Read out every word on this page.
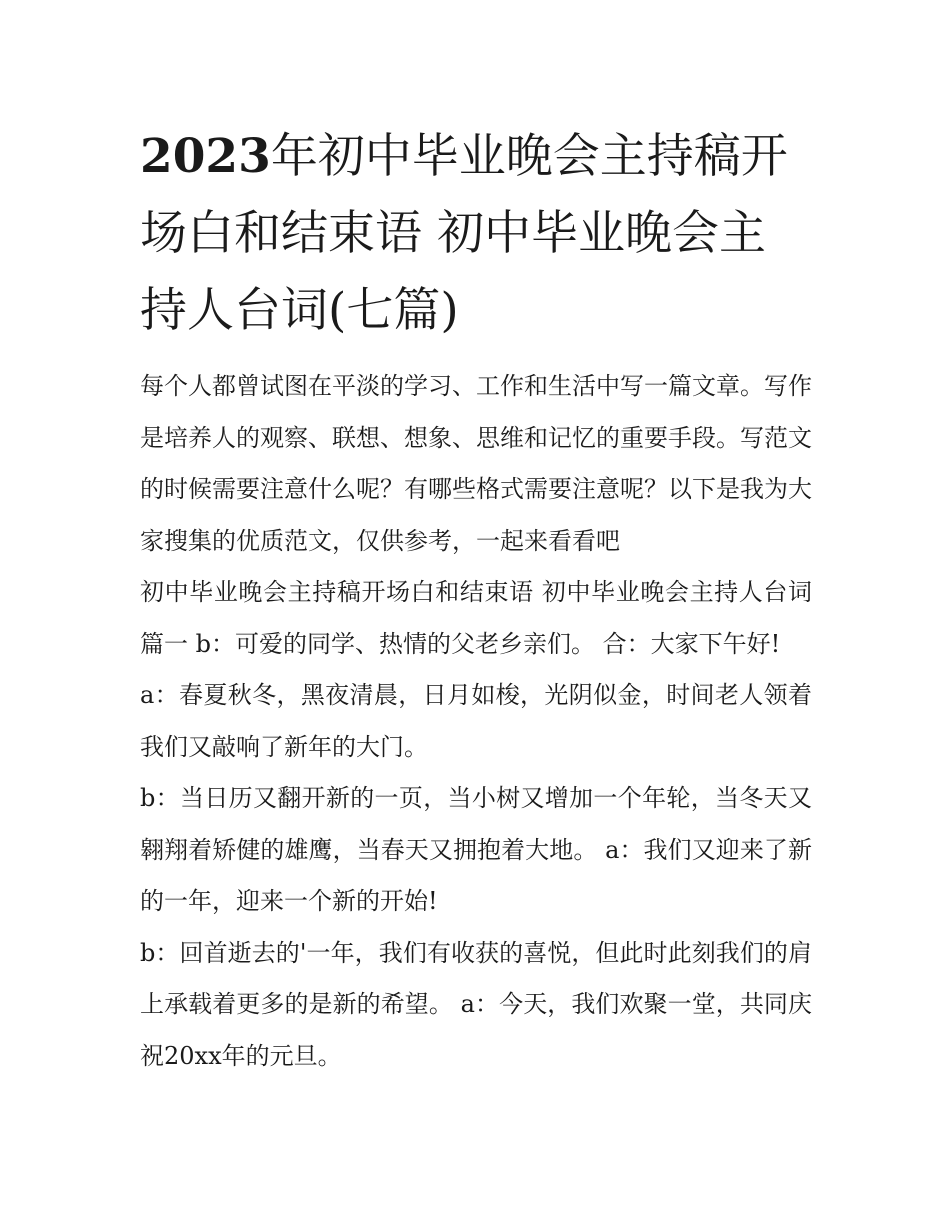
2023年初中毕业晚会主持稿开场白和结束语 初中毕业晚会主持人台词(七篇)

每个人都曾试图在平淡的学习、工作和生活中写一篇文章。写作是培养人的观察、联想、想象、思维和记忆的重要手段。写范文的时候需要注意什么呢？有哪些格式需要注意呢？以下是我为大家搜集的优质范文，仅供参考，一起来看看吧

初中毕业晚会主持稿开场白和结束语 初中毕业晚会主持人台词篇一 b：可爱的同学、热情的父老乡亲们。 合：大家下午好!

a：春夏秋冬，黑夜清晨，日月如梭，光阴似金，时间老人领着我们又敲响了新年的大门。

b：当日历又翻开新的一页，当小树又增加一个年轮，当冬天又翱翔着矫健的雄鹰，当春天又拥抱着大地。 a：我们又迎来了新的一年，迎来一个新的开始!

b：回首逝去的'一年，我们有收获的喜悦，但此时此刻我们的肩上承载着更多的是新的希望。 a：今天，我们欢聚一堂，共同庆祝20xx年的元旦。
